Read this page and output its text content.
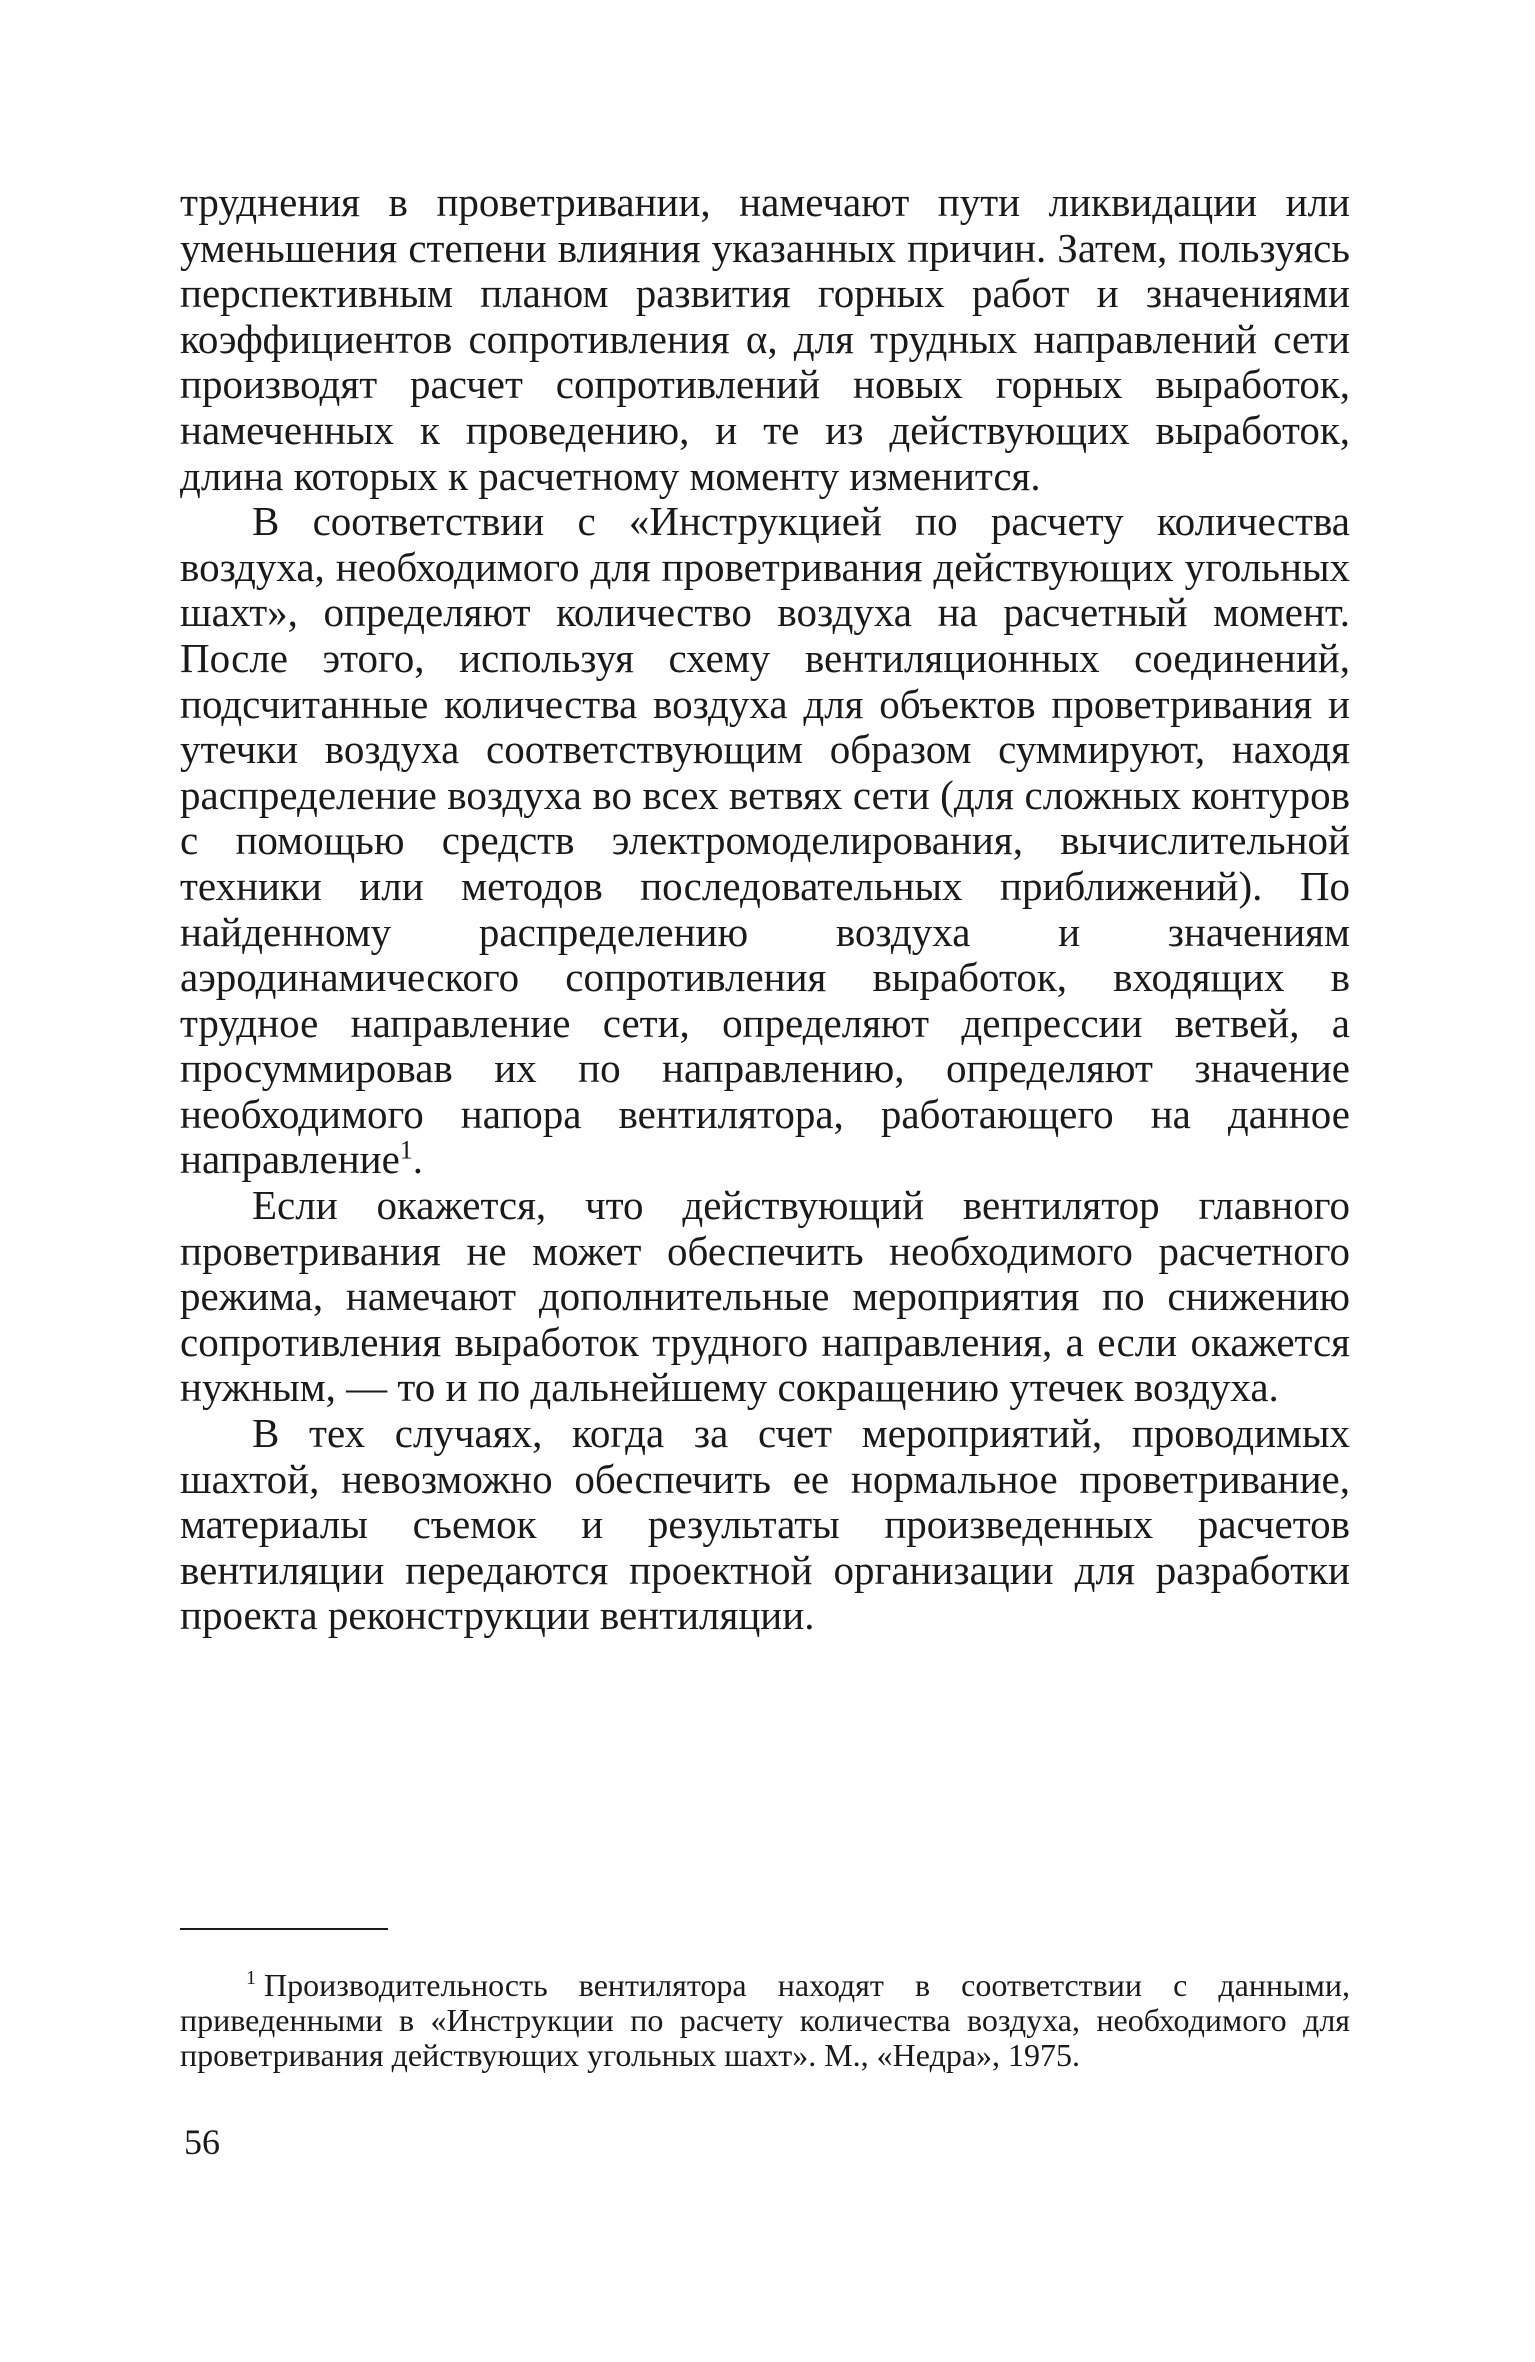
труднения в проветривании, намечают пути ликвидации или уменьшения степени влияния указанных причин. Затем, пользуясь перспективным планом развития горных работ и значениями коэффициентов сопротивления α, для трудных направлений сети производят расчет сопротивлений новых горных выработок, намеченных к проведению, и те из действующих выработок, длина которых к расчетному моменту изменится.

В соответствии с «Инструкцией по расчету количества воздуха, необходимого для проветривания действующих угольных шахт», определяют количество воздуха на расчетный момент. После этого, используя схему вентиляционных соединений, подсчитанные количества воздуха для объектов проветривания и утечки воздуха соответствующим образом суммируют, находя распределение воздуха во всех ветвях сети (для сложных контуров с помощью средств электромоделирования, вычислительной техники или методов последовательных приближений). По найденному распределению воздуха и значениям аэродинамического сопротивления выработок, входящих в трудное направление сети, определяют депрессии ветвей, а просуммировав их по направлению, определяют значение необходимого напора вентилятора, работающего на данное направление$^1$.

Если окажется, что действующий вентилятор главного проветривания не может обеспечить необходимого расчетного режима, намечают дополнительные мероприятия по снижению сопротивления выработок трудного направления, а если окажется нужным, — то и по дальнейшему сокращению утечек воздуха.

В тех случаях, когда за счет мероприятий, проводимых шахтой, невозможно обеспечить ее нормальное проветривание, материалы съемок и результаты произведенных расчетов вентиляции передаются проектной организации для разработки проекта реконструкции вентиляции.

$^1$ Производительность вентилятора находят в соответствии с данными, приведенными в «Инструкции по расчету количества воздуха, необходимого для проветривания действующих угольных шахт». М., «Недра», 1975.

56
